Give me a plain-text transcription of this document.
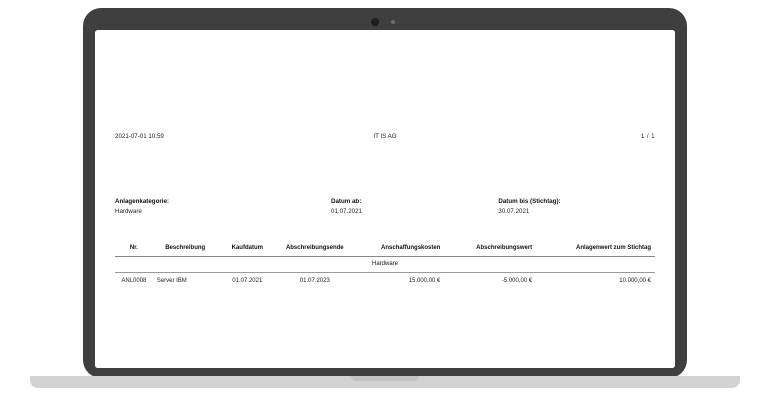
2021-07-01 10:59	IT IS AG	1 / 1
Anlagenkategorie:
Hardware
Datum ab:
01.07.2021
Datum bis (Stichtag):
30.07.2021
Nr.	Beschreibung	Kaufdatum	Abschreibungsende	Anschaffungskosten	Abschreibungswert	Anlagenwert zum Stichtag
Hardware						
ANL0008	Server IBM	01.07.2021	01.07.2023	15.000,00 €	-5.000,00 €	10.000,00 €
